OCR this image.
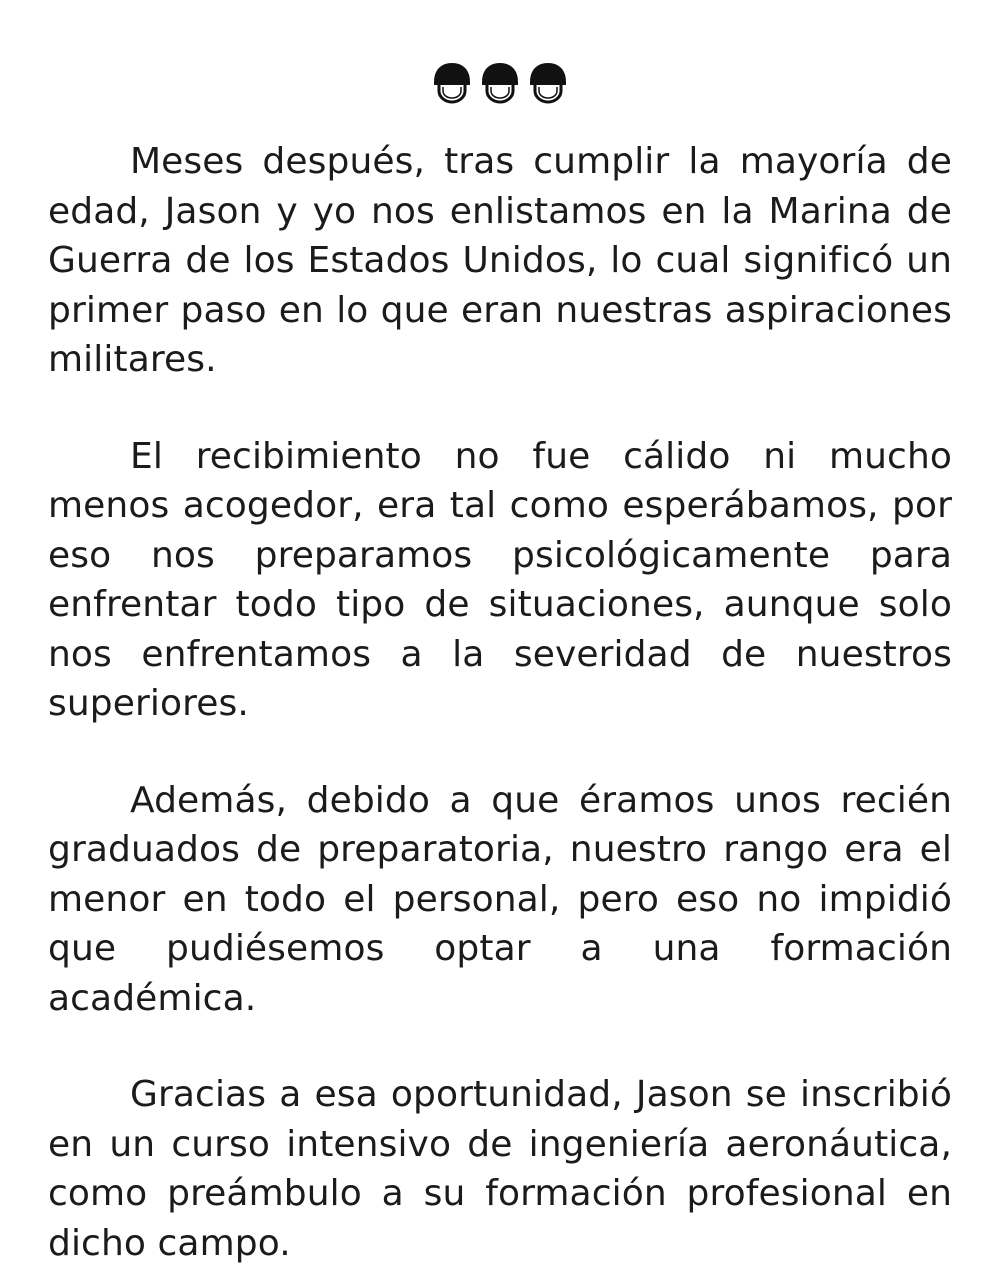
Meses después, tras cumplir la mayoría de edad, Jason y yo nos enlistamos en la Marina de Guerra de los Estados Unidos, lo cual significó un primer paso en lo que eran nuestras aspiraciones militares.

El recibimiento no fue cálido ni mucho menos acogedor, era tal como esperábamos, por eso nos preparamos psicológicamente para enfrentar todo tipo de situaciones, aunque solo nos enfrentamos a la severidad de nuestros superiores.

Además, debido a que éramos unos recién graduados de preparatoria, nuestro rango era el menor en todo el personal, pero eso no impidió que pudiésemos optar a una formación académica.

Gracias a esa oportunidad, Jason se inscribió en un curso intensivo de ingeniería aeronáutica, como preámbulo a su formación profesional en dicho campo.
